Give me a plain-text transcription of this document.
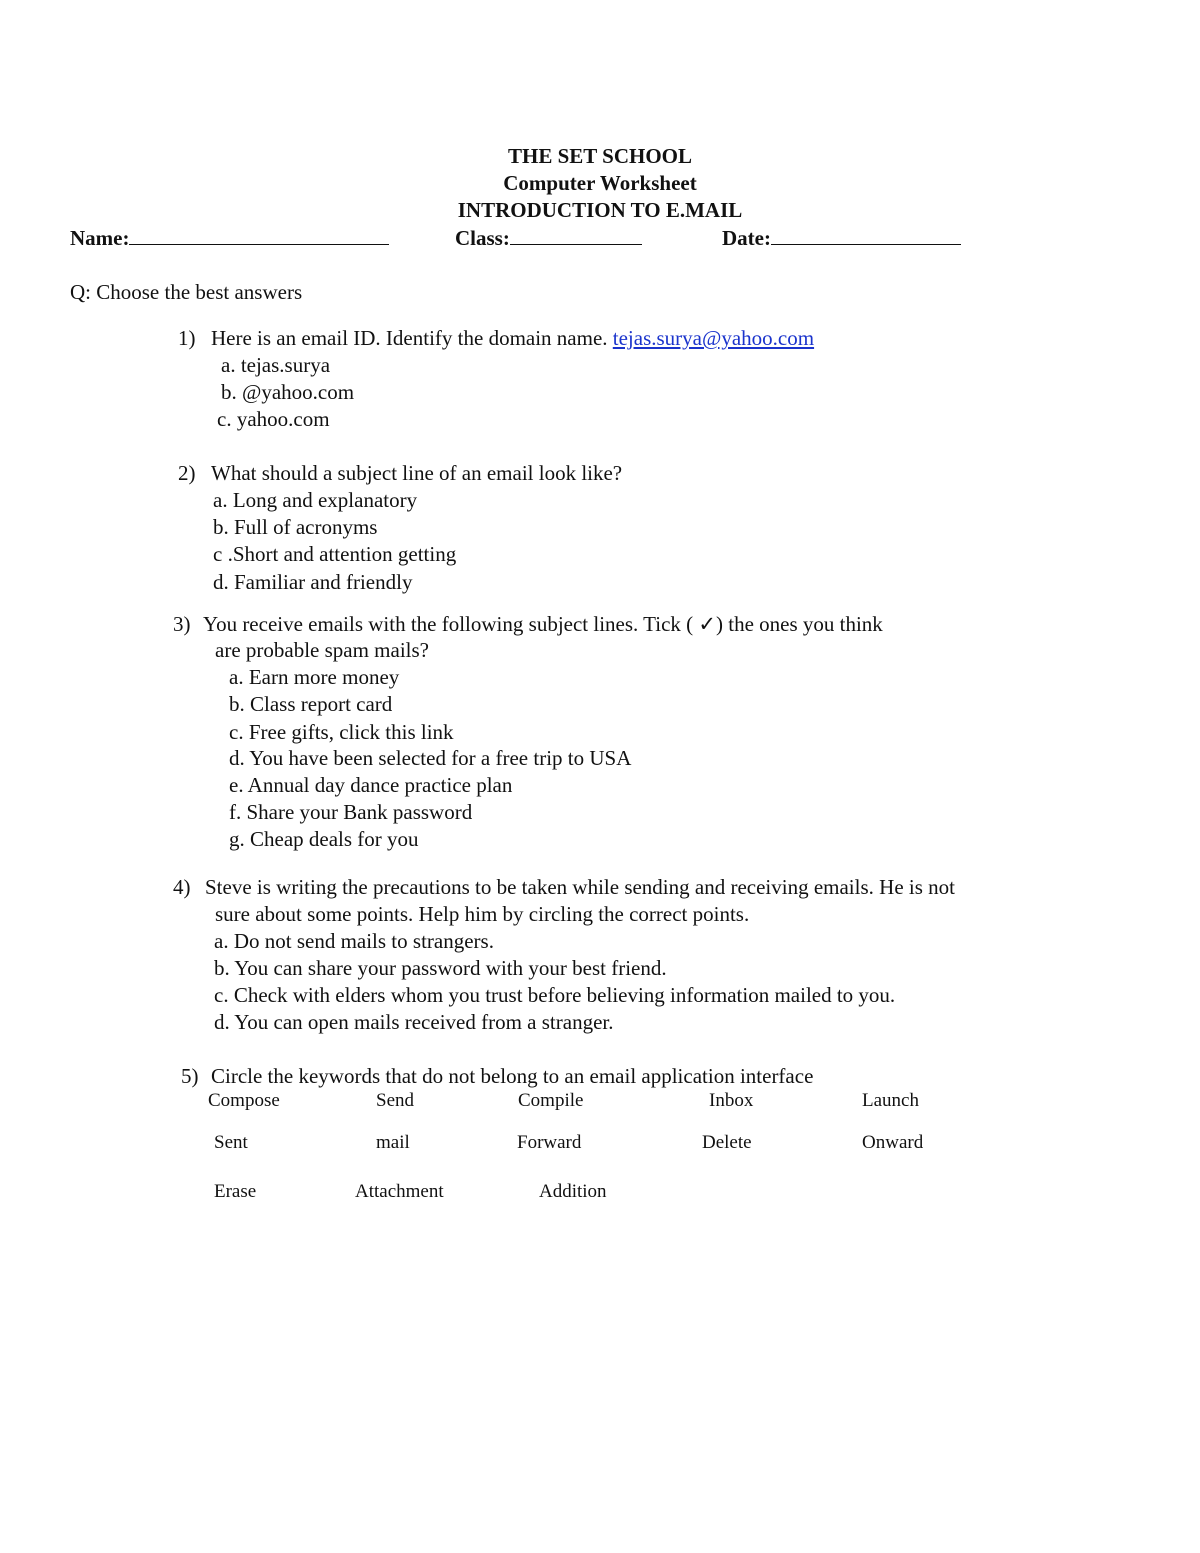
THE SET SCHOOL
Computer Worksheet
INTRODUCTION TO E.MAIL
Name:	Class:	Date:
Q: Choose the best answers
1) Here is an email ID. Identify the domain name. tejas.surya@yahoo.com
a. tejas.surya
b. @yahoo.com
c. yahoo.com
2) What should a subject line of an email look like?
a. Long and explanatory
b. Full of acronyms
c .Short and attention getting
d. Familiar and friendly
3) You receive emails with the following subject lines. Tick ( ✓) the ones you think
are probable spam mails?
a. Earn more money
b. Class report card
c. Free gifts, click this link
d. You have been selected for a free trip to USA
e. Annual day dance practice plan
f. Share your Bank password
g. Cheap deals for you
4) Steve is writing the precautions to be taken while sending and receiving emails. He is not
sure about some points. Help him by circling the correct points.
a. Do not send mails to strangers.
b. You can share your password with your best friend.
c. Check with elders whom you trust before believing information mailed to you.
d. You can open mails received from a stranger.
5) Circle the keywords that do not belong to an email application interface
Compose	Send	Compile	Inbox	Launch
Sent	mail	Forward	Delete	Onward
Erase	Attachment	Addition
